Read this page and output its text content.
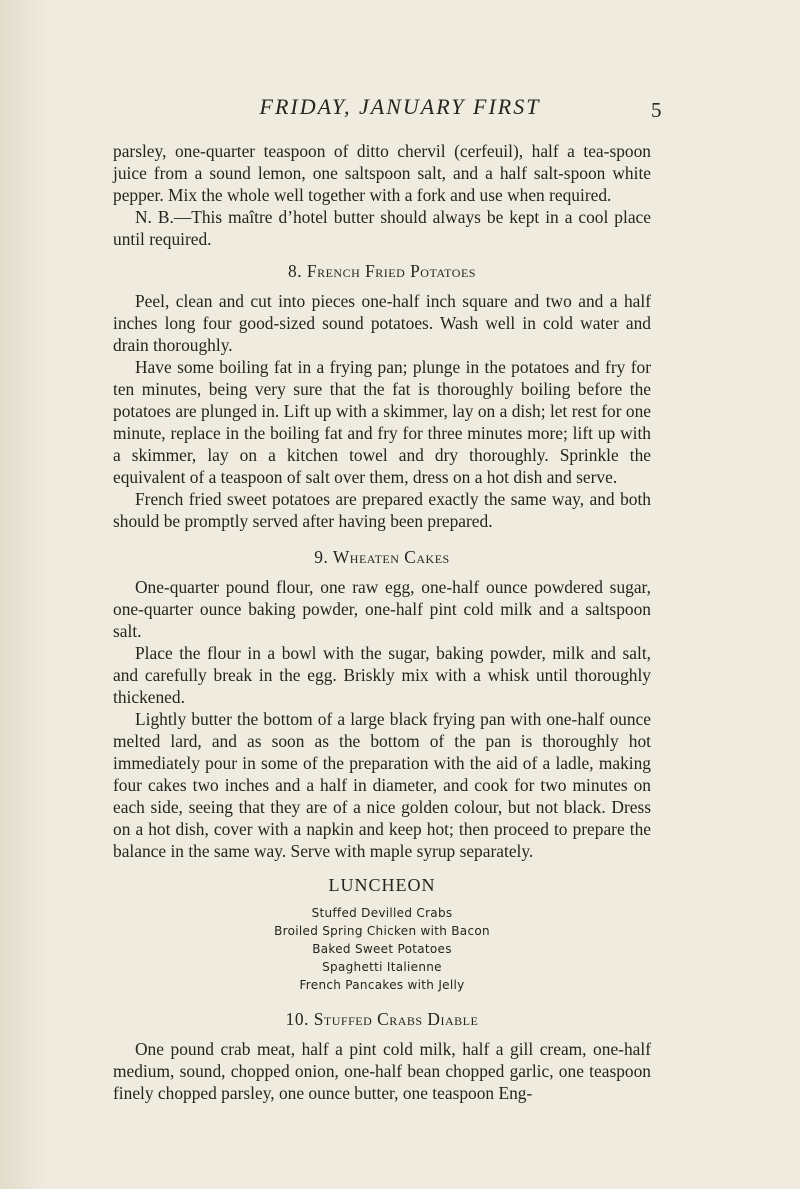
FRIDAY, JANUARY FIRST	5

parsley, one-quarter teaspoon of ditto chervil (cerfeuil), half a tea-spoon juice from a sound lemon, one saltspoon salt, and a half salt-spoon white pepper. Mix the whole well together with a fork and use when required.

N. B.—This maître d’hotel butter should always be kept in a cool place until required.

8. French Fried Potatoes

Peel, clean and cut into pieces one-half inch square and two and a half inches long four good-sized sound potatoes. Wash well in cold water and drain thoroughly.

Have some boiling fat in a frying pan; plunge in the potatoes and fry for ten minutes, being very sure that the fat is thoroughly boiling before the potatoes are plunged in. Lift up with a skimmer, lay on a dish; let rest for one minute, replace in the boiling fat and fry for three minutes more; lift up with a skimmer, lay on a kitchen towel and dry thoroughly. Sprinkle the equivalent of a teaspoon of salt over them, dress on a hot dish and serve.

French fried sweet potatoes are prepared exactly the same way, and both should be promptly served after having been prepared.

9. Wheaten Cakes

One-quarter pound flour, one raw egg, one-half ounce powdered sugar, one-quarter ounce baking powder, one-half pint cold milk and a saltspoon salt.

Place the flour in a bowl with the sugar, baking powder, milk and salt, and carefully break in the egg. Briskly mix with a whisk until thoroughly thickened.

Lightly butter the bottom of a large black frying pan with one-half ounce melted lard, and as soon as the bottom of the pan is thoroughly hot immediately pour in some of the preparation with the aid of a ladle, making four cakes two inches and a half in diameter, and cook for two minutes on each side, seeing that they are of a nice golden colour, but not black. Dress on a hot dish, cover with a napkin and keep hot; then proceed to prepare the balance in the same way. Serve with maple syrup separately.

LUNCHEON
Stuffed Devilled Crabs
Broiled Spring Chicken with Bacon
Baked Sweet Potatoes
Spaghetti Italienne
French Pancakes with Jelly
10. Stuffed Crabs Diable

One pound crab meat, half a pint cold milk, half a gill cream, one-half medium, sound, chopped onion, one-half bean chopped garlic, one teaspoon finely chopped parsley, one ounce butter, one teaspoon Eng-
